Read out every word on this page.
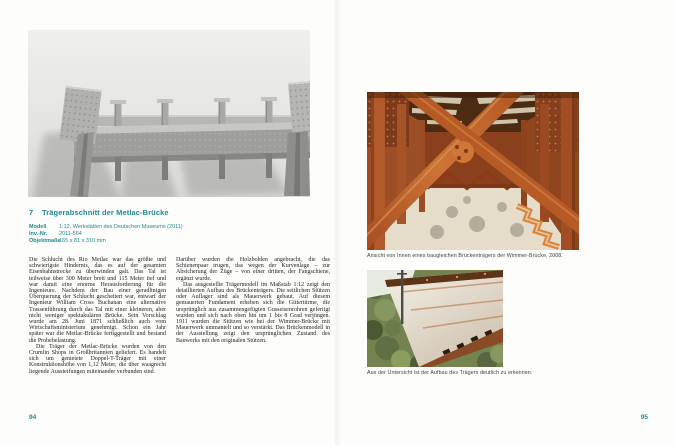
7 Trägerabschnitt der Metlac-Brücke
Modell 1:12, Werkstätten des Deutschen Museums (2011)
Inv.-Nr. 2011-564
Objektmaße165 x 81 x 310 mm

Die Schlucht des Rio Metlac war das größte und schwierigste Hindernis, das es auf der gesamten Eisenbahnstrecke zu überwinden galt. Das Tal ist teilweise über 300 Meter breit und 115 Meter tief und war damit eine enorme Herausforderung für die Ingenieure. Nachdem der Bau einer geradlinigen Überquerung der Schlucht gescheitert war, entwarf der Ingenieur William Cross Buchanan eine alternative Trassenführung durch das Tal mit einer kleineren, aber nicht weniger spektakulären Brücke. Sein Vorschlag wurde am 28. Juni 1871 schließlich auch vom Wirtschaftsministerium genehmigt. Schon ein Jahr später war die Metlac-Brücke fertiggestellt und bestand die Probebelastung.

Die Träger der Metlac-Brücke wurden von den Crumlin Shops in Großbritannien geliefert. Es handelt sich um genietete Doppel-T-Träger mit einer Konstruktionshöhe von 1,12 Meter, die über waagrecht liegende Aussteifungen miteinander verbunden sind.

Darüber wurden die Holzbohlen angebracht, die das Schienenpaar trugen, das wegen der Kurvenlage – zur Absicherung der Züge – von einer dritten, der Fangschiene, ergänzt wurde.

Das ausgestellte Trägermodell im Maßstab 1:12 zeigt den detaillierten Aufbau des Brückenträgers. Die seitlichen Stützen oder Auflager sind als Mauerwerk gebaut. Auf diesem gemauerten Fundament erheben sich die Gittertürme, die ursprünglich aus zusammengefügten Gusseisenrohren gefertigt wurden und sich nach oben hin um 1 bis 8 Grad verjüngen. 1911 wurden die Stützen wie bei der Wimmer-Brücke mit Mauerwerk ummantelt und so verstärkt. Das Brückenmodell in der Ausstellung zeigt den ursprünglichen Zustand des Bauwerks mit den originalen Stützen.

94
Ansicht von Innen eines baugleichen Brückenträgers der Wimmer-Brücke, 2008.
Aus der Untersicht ist der Aufbau des Trägers deutlich zu erkennen.
95
